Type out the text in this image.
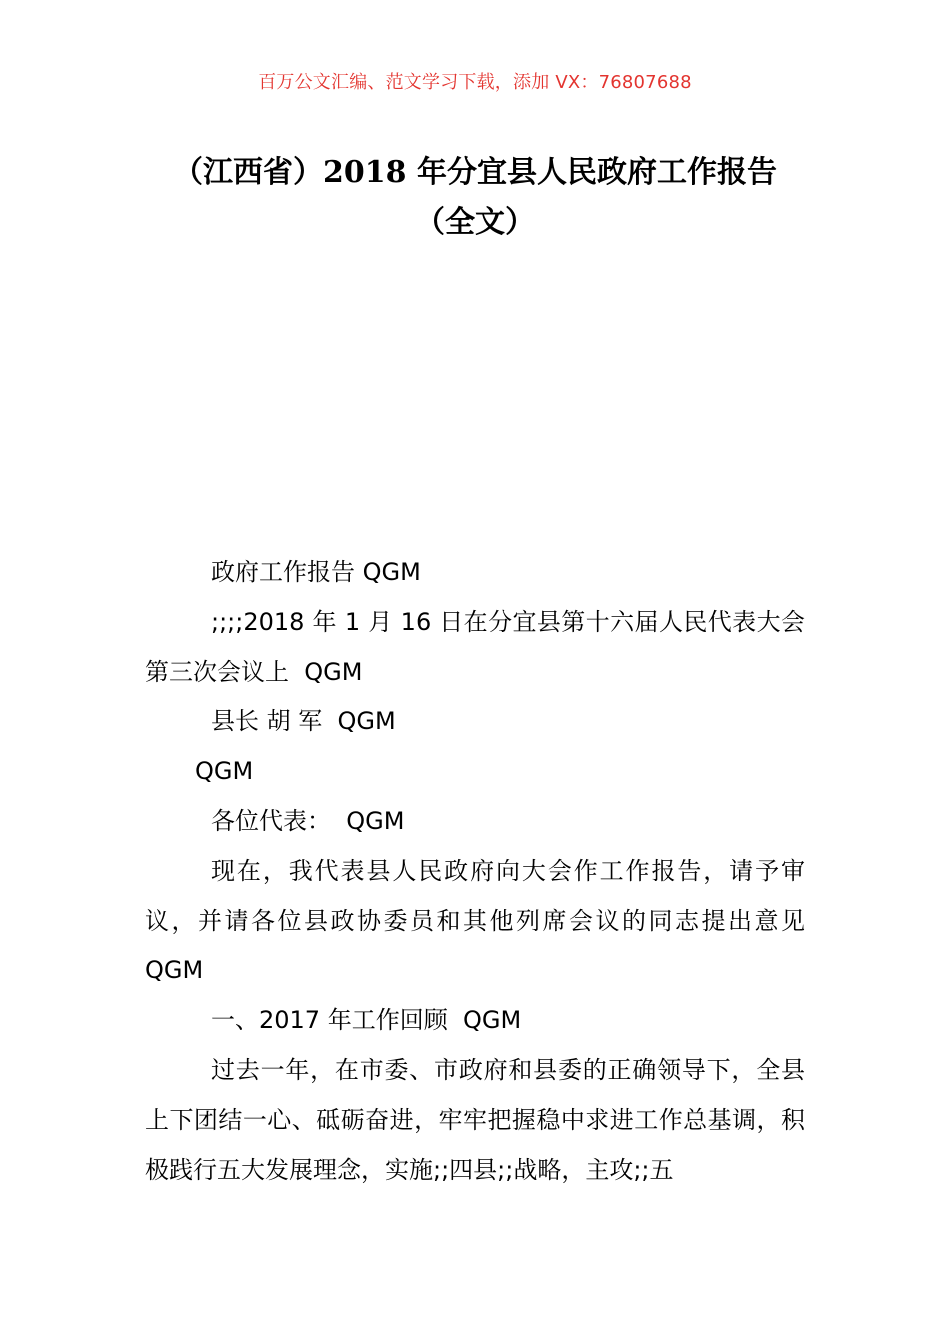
百万公文汇编、范文学习下载，添加 VX：76807688
（江西省）2018 年分宜县人民政府工作报告（全文）

政府工作报告 QGM

;;;;2018 年 1 月 16 日在分宜县第十六届人民代表大会第三次会议上  QGM

县长 胡 军  QGM

QGM

各位代表：  QGM

现在，我代表县人民政府向大会作工作报告，请予审议，并请各位县政协委员和其他列席会议的同志提出意见  QGM

一、2017 年工作回顾  QGM

过去一年，在市委、市政府和县委的正确领导下，全县上下团结一心、砥砺奋进，牢牢把握稳中求进工作总基调，积极践行五大发展理念，实施;;四县;;战略，主攻;;五
